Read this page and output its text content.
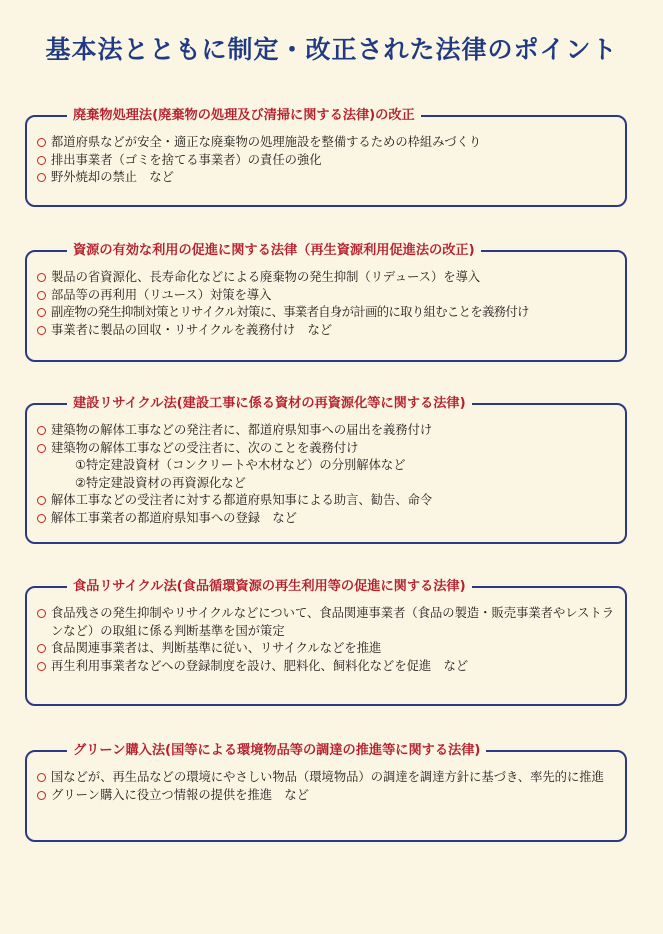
基本法とともに制定・改正された法律のポイント
廃棄物処理法(廃棄物の処理及び清掃に関する法律)の改正
都道府県などが安全・適正な廃棄物の処理施設を整備するための枠組みづくり
排出事業者（ゴミを捨てる事業者）の責任の強化
野外焼却の禁止　など
資源の有効な利用の促進に関する法律（再生資源利用促進法の改正)
製品の省資源化、長寿命化などによる廃棄物の発生抑制（リデュース）を導入
部品等の再利用（リユース）対策を導入
副産物の発生抑制対策とリサイクル対策に、事業者自身が計画的に取り組むことを義務付け
事業者に製品の回収・リサイクルを義務付け　など
建設リサイクル法(建設工事に係る資材の再資源化等に関する法律)
建築物の解体工事などの発注者に、都道府県知事への届出を義務付け
建築物の解体工事などの受注者に、次のことを義務付け
①特定建設資材（コンクリートや木材など）の分別解体など
②特定建設資材の再資源化など
解体工事などの受注者に対する都道府県知事による助言、勧告、命令
解体工事業者の都道府県知事への登録　など
食品リサイクル法(食品循環資源の再生利用等の促進に関する法律)
食品残さの発生抑制やリサイクルなどについて、食品関連事業者（食品の製造・販売事業者やレストランなど）の取組に係る判断基準を国が策定
食品関連事業者は、判断基準に従い、リサイクルなどを推進
再生利用事業者などへの登録制度を設け、肥料化、飼料化などを促進　など
グリーン購入法(国等による環境物品等の調達の推進等に関する法律)
国などが、再生品などの環境にやさしい物品（環境物品）の調達を調達方針に基づき、率先的に推進
グリーン購入に役立つ情報の提供を推進　など
